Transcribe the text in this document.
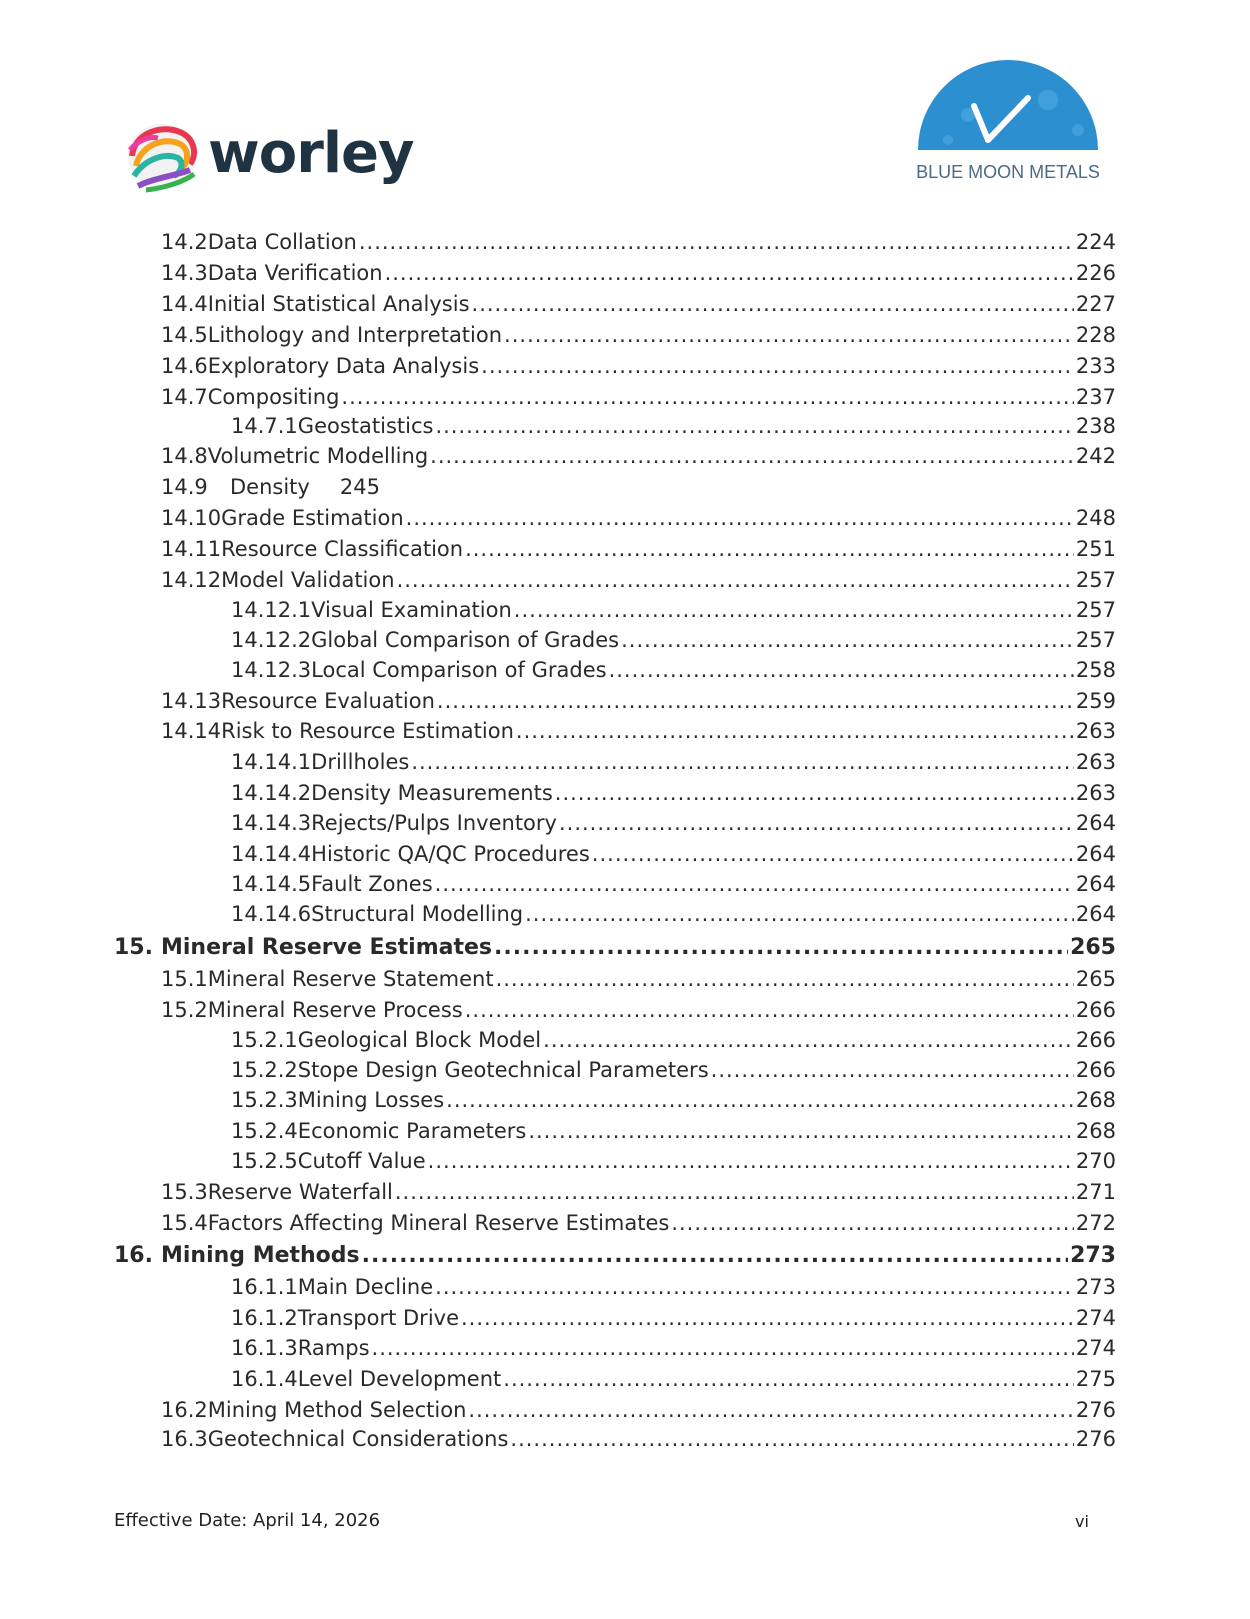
worley	BLUE MOON METALS
14.2 Data Collation .....	224
14.3 Data Verification .....	226
14.4 Initial Statistical Analysis .....	227
14.5 Lithology and Interpretation .....	228
14.6 Exploratory Data Analysis .....	233
14.7 Compositing .....	237
14.7.1 Geostatistics .....	238
14.8 Volumetric Modelling .....	242
14.9	Density 245
14.10 Grade Estimation .....	248
14.11 Resource Classification .....	251
14.12 Model Validation .....	257
14.12.1 Visual Examination .....	257
14.12.2 Global Comparison of Grades .....	257
14.12.3 Local Comparison of Grades .....	258
14.13 Resource Evaluation .....	259
14.14 Risk to Resource Estimation .....	263
14.14.1 Drillholes .....	263
14.14.2 Density Measurements .....	263
14.14.3 Rejects/Pulps Inventory .....	264
14.14.4 Historic QA/QC Procedures .....	264
14.14.5 Fault Zones .....	264
14.14.6 Structural Modelling .....	264
15. Mineral Reserve Estimates .....	265
15.1 Mineral Reserve Statement .....	265
15.2 Mineral Reserve Process .....	266
15.2.1 Geological Block Model .....	266
15.2.2 Stope Design Geotechnical Parameters .....	266
15.2.3 Mining Losses .....	268
15.2.4 Economic Parameters .....	268
15.2.5 Cutoff Value .....	270
15.3 Reserve Waterfall .....	271
15.4 Factors Affecting Mineral Reserve Estimates .....	272
16. Mining Methods .....	273
16.1.1 Main Decline .....	273
16.1.2 Transport Drive .....	274
16.1.3 Ramps .....	274
16.1.4 Level Development .....	275
16.2 Mining Method Selection .....	276
16.3 Geotechnical Considerations .....	276
Effective Date: April 14, 2026	vi
